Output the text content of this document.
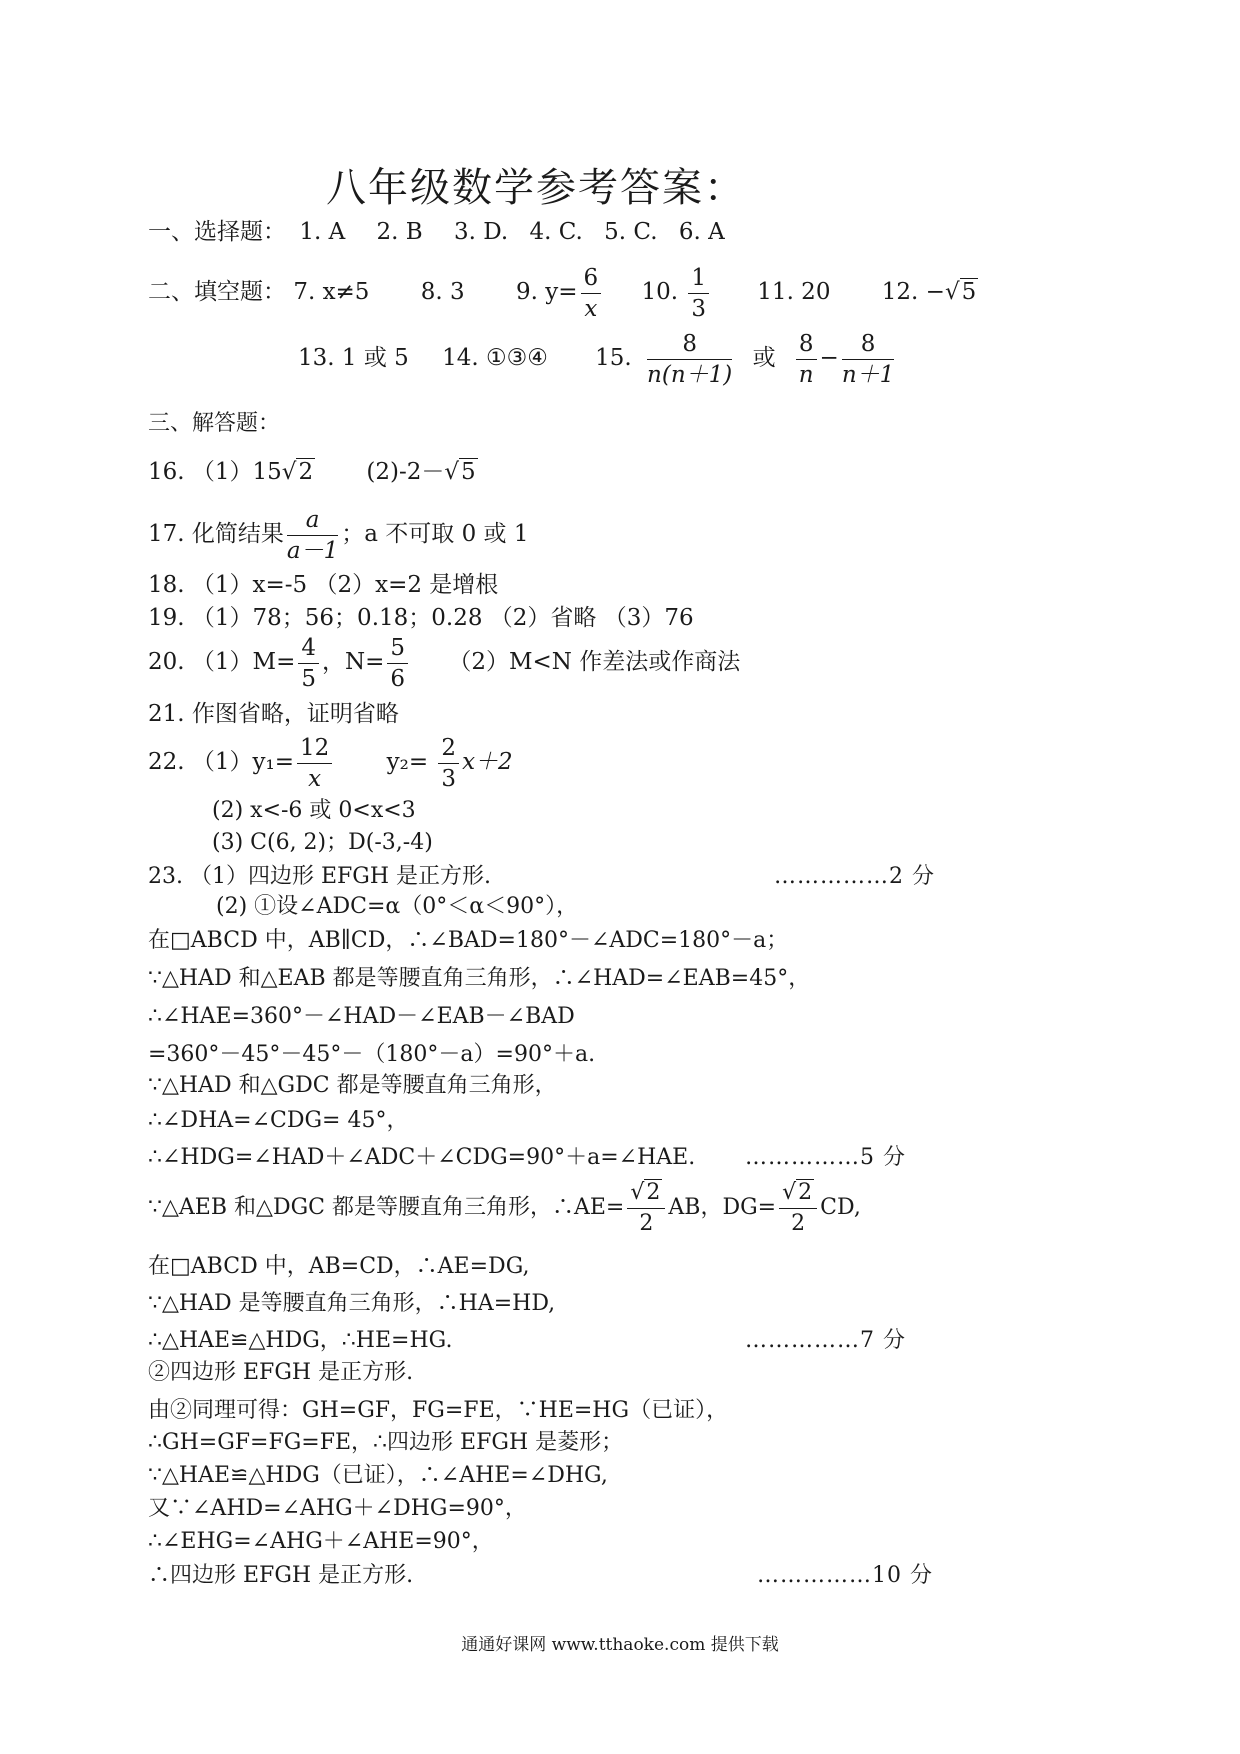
八年级数学参考答案：
一、选择题： 1. A 2. B 3. D. 4. C. 5. C. 6. A
二、填空题： 7. x≠5 8. 3 9. $y= \frac{6}{x} 10$. $\frac{1}{3} 11$. 20 12. −√5
13. 1 或 5 14. ①③④ 15. $\frac{8}{n(n+1)}$ 或 $\frac{8}{n} - \frac{8}{n+1}$
三、解答题：
16. （1）15√2 (2)-2－√5
17. 化简结果 $\frac{a}{a-1}$ ；a 不可取 0 或 1
18. （1）x=-5 （2）x=2 是增根
19. （1）78；56；0.18；0.28 （2）省略 （3）76
20. $(1)M= \frac{4}{5}$ ，$N= \frac{5}{6} (2)M<N$ 作差法或作商法
21. 作图省略，证明省略
22. $(1)y_1= \frac{12}{x} y_2= \frac{2}{3} x+2$
(2) x<-6 或 0<x<3
(3) C(6, 2)；D(-3,-4)
23. （1）四边形 EFGH 是正方形.	……………2 分
(2) ①设∠ADC=α（0°＜α＜90°），
在□ABCD 中，AB∥CD，∴∠BAD=180°－∠ADC=180°－a；
∵△HAD 和△EAB 都是等腰直角三角形，∴∠HAD=∠EAB=45°，
∴∠HAE=360°－∠HAD－∠EAB－∠BAD
=360°－45°－45°－（180°－a）=90°＋a.
∵△HAD 和△GDC 都是等腰直角三角形，
∴∠DHA=∠CDG= 45°，
∴∠HDG=∠HAD＋∠ADC＋∠CDG=90°＋a=∠HAE. ……………5 分
∵△AEB 和△DGC 都是等腰直角三角形，∴AE= $\frac{√2}{2}$ AB，$DG= \frac{√2}{2}$ CD,
在□ABCD 中，AB=CD，∴AE=DG,
∵△HAD 是等腰直角三角形，∴HA=HD,
∴△HAE≌△HDG，∴HE=HG.	……………7 分
②四边形 EFGH 是正方形.
由②同理可得：GH=GF，FG=FE，∵HE=HG（已证），
∴GH=GF=FG=FE，∴四边形 EFGH 是菱形；
∵△HAE≌△HDG（已证），∴∠AHE=∠DHG,
又∵∠AHD=∠AHG＋∠DHG=90°，
∴∠EHG=∠AHG＋∠AHE=90°，
∴四边形 EFGH 是正方形.	……………10 分
通通好课网 www.tthaoke.com 提供下载
